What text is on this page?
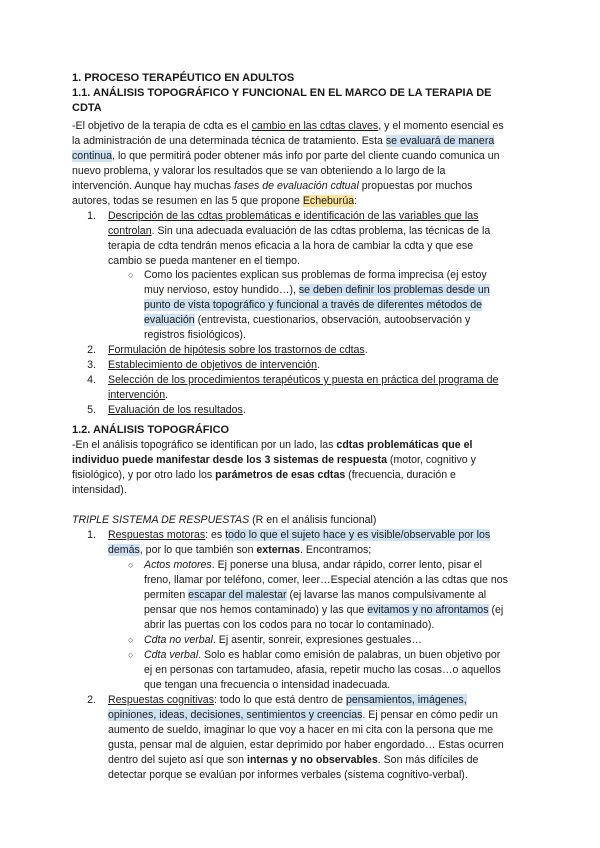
1. PROCESO TERAPÉUTICO EN ADULTOS
1.1. ANÁLISIS TOPOGRÁFICO Y FUNCIONAL EN EL MARCO DE LA TERAPIA DE
CDTA
-El objetivo de la terapia de cdta es el cambio en las cdtas claves, y el momento esencial es
la administración de una determinada técnica de tratamiento. Esta se evaluará de manera
continua, lo que permitirá poder obtener más info por parte del cliente cuando comunica un
nuevo problema, y valorar los resultados que se van obteniendo a lo largo de la
intervención. Aunque hay muchas fases de evaluación cdtual propuestas por muchos
autores, todas se resumen en las 5 que propone Echeburúa:
1. Descripción de las cdtas problemáticas e identificación de las variables que las
controlan. Sin una adecuada evaluación de las cdtas problema, las técnicas de la
terapia de cdta tendrán menos eficacia a la hora de cambiar la cdta y que ese
cambio se pueda mantener en el tiempo.
○ Como los pacientes explican sus problemas de forma imprecisa (ej estoy
muy nervioso, estoy hundido…), se deben definir los problemas desde un
punto de vista topográfico y funcional a través de diferentes métodos de
evaluación (entrevista, cuestionarios, observación, autoobservación y
registros fisiológicos).
2. Formulación de hipótesis sobre los trastornos de cdtas.
3. Establecimiento de objetivos de intervención.
4. Selección de los procedimientos terapéuticos y puesta en práctica del programa de
intervención.
5. Evaluación de los resultados.
1.2. ANÁLISIS TOPOGRÁFICO
-En el análisis topográfico se identifican por un lado, las cdtas problemáticas que el
individuo puede manifestar desde los 3 sistemas de respuesta (motor, cognitivo y
fisiológico), y por otro lado los parámetros de esas cdtas (frecuencia, duración e
intensidad).
TRIPLE SISTEMA DE RESPUESTAS (R en el análisis funcional)
1. Respuestas motoras: es todo lo que el sujeto hace y es visible/observable por los
demás, por lo que también son externas. Encontramos;
○ Actos motores. Ej ponerse una blusa, andar rápido, correr lento, pisar el
freno, llamar por teléfono, comer, leer…Especial atención a las cdtas que nos
permiten escapar del malestar (ej lavarse las manos compulsivamente al
pensar que nos hemos contaminado) y las que evitamos y no afrontamos (ej
abrir las puertas con los codos para no tocar lo contaminado).
○ Cdta no verbal. Ej asentir, sonreir, expresiones gestuales…
○ Cdta verbal. Solo es hablar como emisión de palabras, un buen objetivo por
ej en personas con tartamudeo, afasia, repetir mucho las cosas…o aquellos
que tengan una frecuencia o intensidad inadecuada.
2. Respuestas cognitivas: todo lo que está dentro de pensamientos, imágenes,
opiniones, ideas, decisiones, sentimientos y creencias. Ej pensar en cómo pedir un
aumento de sueldo, imaginar lo que voy a hacer en mi cita con la persona que me
gusta, pensar mal de alguien, estar deprimido por haber engordado… Estas ocurren
dentro del sujeto así que son internas y no observables. Son más difíciles de
detectar porque se evalúan por informes verbales (sistema cognitivo-verbal).
